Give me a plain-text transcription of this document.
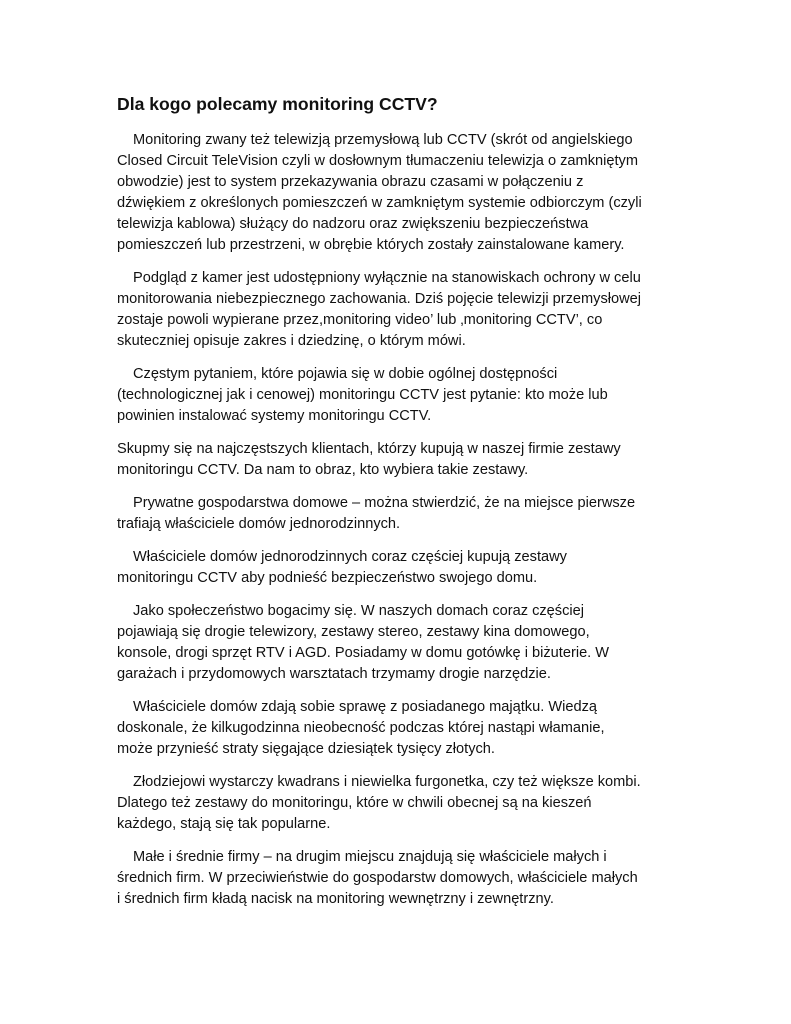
Dla kogo polecamy monitoring CCTV?

Monitoring zwany też telewizją przemysłową lub CCTV (skrót od angielskiego
Closed Circuit TeleVision czyli w dosłownym tłumaczeniu telewizja o zamkniętym
obwodzie) jest to system przekazywania obrazu czasami w połączeniu z
dźwiękiem z określonych pomieszczeń w zamkniętym systemie odbiorczym (czyli
telewizja kablowa) służący do nadzoru oraz zwiększeniu bezpieczeństwa
pomieszczeń lub przestrzeni, w obrębie których zostały zainstalowane kamery.

Podgląd z kamer jest udostępniony wyłącznie na stanowiskach ochrony w celu
monitorowania niebezpiecznego zachowania. Dziś pojęcie telewizji przemysłowej
zostaje powoli wypierane przez,monitoring video’ lub ‚monitoring CCTV’, co
skuteczniej opisuje zakres i dziedzinę, o którym mówi.

Częstym pytaniem, które pojawia się w dobie ogólnej dostępności
(technologicznej jak i cenowej) monitoringu CCTV jest pytanie: kto może lub
powinien instalować systemy monitoringu CCTV.

Skupmy się na najczęstszych klientach, którzy kupują w naszej firmie zestawy
monitoringu CCTV. Da nam to obraz, kto wybiera takie zestawy.

Prywatne gospodarstwa domowe – można stwierdzić, że na miejsce pierwsze
trafiają właściciele domów jednorodzinnych.

Właściciele domów jednorodzinnych coraz częściej kupują zestawy
monitoringu CCTV aby podnieść bezpieczeństwo swojego domu.

Jako społeczeństwo bogacimy się. W naszych domach coraz częściej
pojawiają się drogie telewizory, zestawy stereo, zestawy kina domowego,
konsole, drogi sprzęt RTV i AGD. Posiadamy w domu gotówkę i biżuterie. W
garażach i przydomowych warsztatach trzymamy drogie narzędzie.

Właściciele domów zdają sobie sprawę z posiadanego majątku. Wiedzą
doskonale, że kilkugodzinna nieobecność podczas której nastąpi włamanie,
może przynieść straty sięgające dziesiątek tysięcy złotych.

Złodziejowi wystarczy kwadrans i niewielka furgonetka, czy też większe kombi.
Dlatego też zestawy do monitoringu, które w chwili obecnej są na kieszeń
każdego, stają się tak popularne.

Małe i średnie firmy – na drugim miejscu znajdują się właściciele małych i
średnich firm. W przeciwieństwie do gospodarstw domowych, właściciele małych
i średnich firm kładą nacisk na monitoring wewnętrzny i zewnętrzny.
